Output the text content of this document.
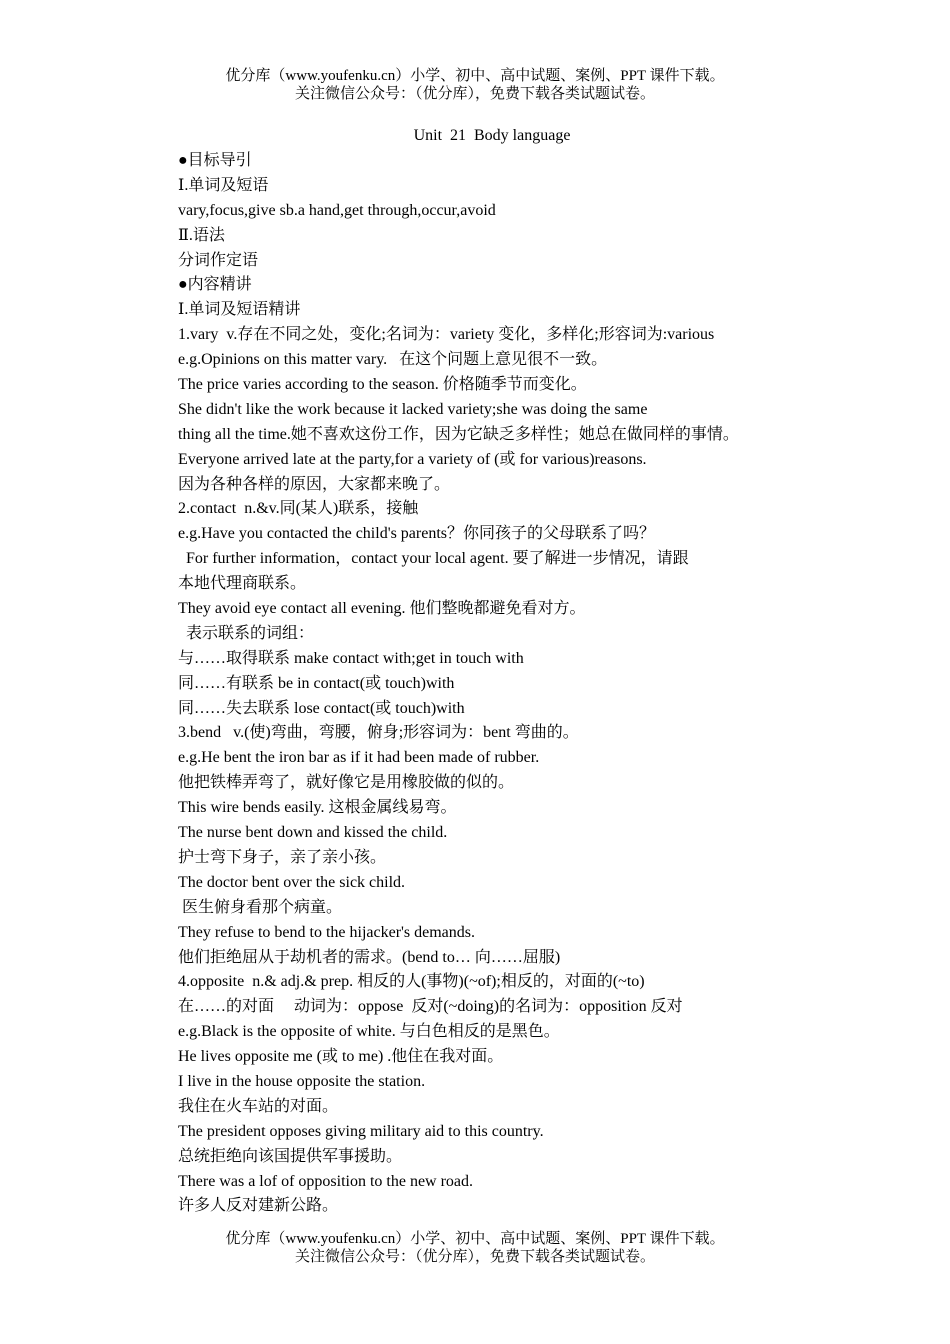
优分库（www.youfenku.cn）小学、初中、高中试题、案例、PPT 课件下载。
关注微信公众号：（优分库），免费下载各类试题试卷。
Unit  21  Body language
●目标导引
Ⅰ.单词及短语
vary,focus,give sb.a hand,get through,occur,avoid
Ⅱ.语法
分词作定语
●内容精讲
Ⅰ.单词及短语精讲
1.vary  v.存在不同之处，变化;名词为：variety 变化，多样化;形容词为:various
e.g.Opinions on this matter vary.   在这个问题上意见很不一致。
The price varies according to the season. 价格随季节而变化。
She didn't like the work because it lacked variety;she was doing the same
thing all the time.她不喜欢这份工作，因为它缺乏多样性；她总在做同样的事情。
Everyone arrived late at the party,for a variety of (或 for various)reasons.
因为各种各样的原因，大家都来晚了。
2.contact  n.&v.同(某人)联系，接触
e.g.Have you contacted the child's parents？你同孩子的父母联系了吗？
For further information，contact your local agent. 要了解进一步情况，请跟
本地代理商联系。
They avoid eye contact all evening. 他们整晚都避免看对方。
表示联系的词组：
与……取得联系 make contact with;get in touch with
同……有联系 be in contact(或 touch)with
同……失去联系 lose contact(或 touch)with
3.bend   v.(使)弯曲，弯腰，俯身;形容词为：bent 弯曲的。
e.g.He bent the iron bar as if it had been made of rubber.
他把铁棒弄弯了，就好像它是用橡胶做的似的。
This wire bends easily. 这根金属线易弯。
The nurse bent down and kissed the child.
护士弯下身子，亲了亲小孩。
The doctor bent over the sick child.
医生俯身看那个病童。
They refuse to bend to the hijacker's demands.
他们拒绝屈从于劫机者的需求。(bend to… 向……屈服)
4.opposite  n.& adj.& prep. 相反的人(事物)(~of);相反的，对面的(~to)
在……的对面     动词为：oppose  反对(~doing)的名词为：opposition 反对
e.g.Black is the opposite of white. 与白色相反的是黑色。
He lives opposite me (或 to me) .他住在我对面。
I live in the house opposite the station.
我住在火车站的对面。
The president opposes giving military aid to this country.
总统拒绝向该国提供军事援助。
There was a lof of opposition to the new road.
许多人反对建新公路。
优分库（www.youfenku.cn）小学、初中、高中试题、案例、PPT 课件下载。
关注微信公众号：（优分库），免费下载各类试题试卷。
